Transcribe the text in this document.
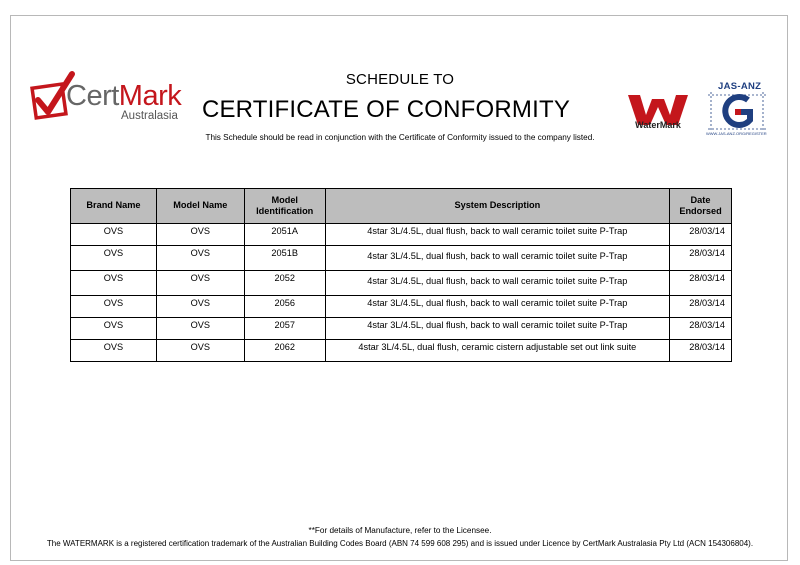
CertMark
Australasia
SCHEDULE TO
CERTIFICATE OF CONFORMITY
This Schedule should be read in conjunction with the Certificate of Conformity issued to the company listed.
WaterMark
JAS-ANZ
WWW.JAS-ANZ.ORG/REGISTER
Brand Name	Model Name	Model Identification	System Description	Date Endorsed
OVS	OVS	2051A	4star 3L/4.5L, dual flush, back to wall ceramic toilet suite P-Trap	28/03/14
OVS	OVS	2051B	4star 3L/4.5L, dual flush, back to wall ceramic toilet suite P-Trap	28/03/14
OVS	OVS	2052	4star 3L/4.5L, dual flush, back to wall ceramic toilet suite P-Trap	28/03/14
OVS	OVS	2056	4star 3L/4.5L, dual flush, back to wall ceramic toilet suite P-Trap	28/03/14
OVS	OVS	2057	4star 3L/4.5L, dual flush, back to wall ceramic toilet suite P-Trap	28/03/14
OVS	OVS	2062	4star 3L/4.5L, dual flush, ceramic cistern adjustable set out link suite	28/03/14
**For details of Manufacture, refer to the Licensee.
The WATERMARK is a registered certification trademark of the Australian Building Codes Board (ABN 74 599 608 295) and is issued under Licence by CertMark Australasia Pty Ltd (ACN 154306804).
